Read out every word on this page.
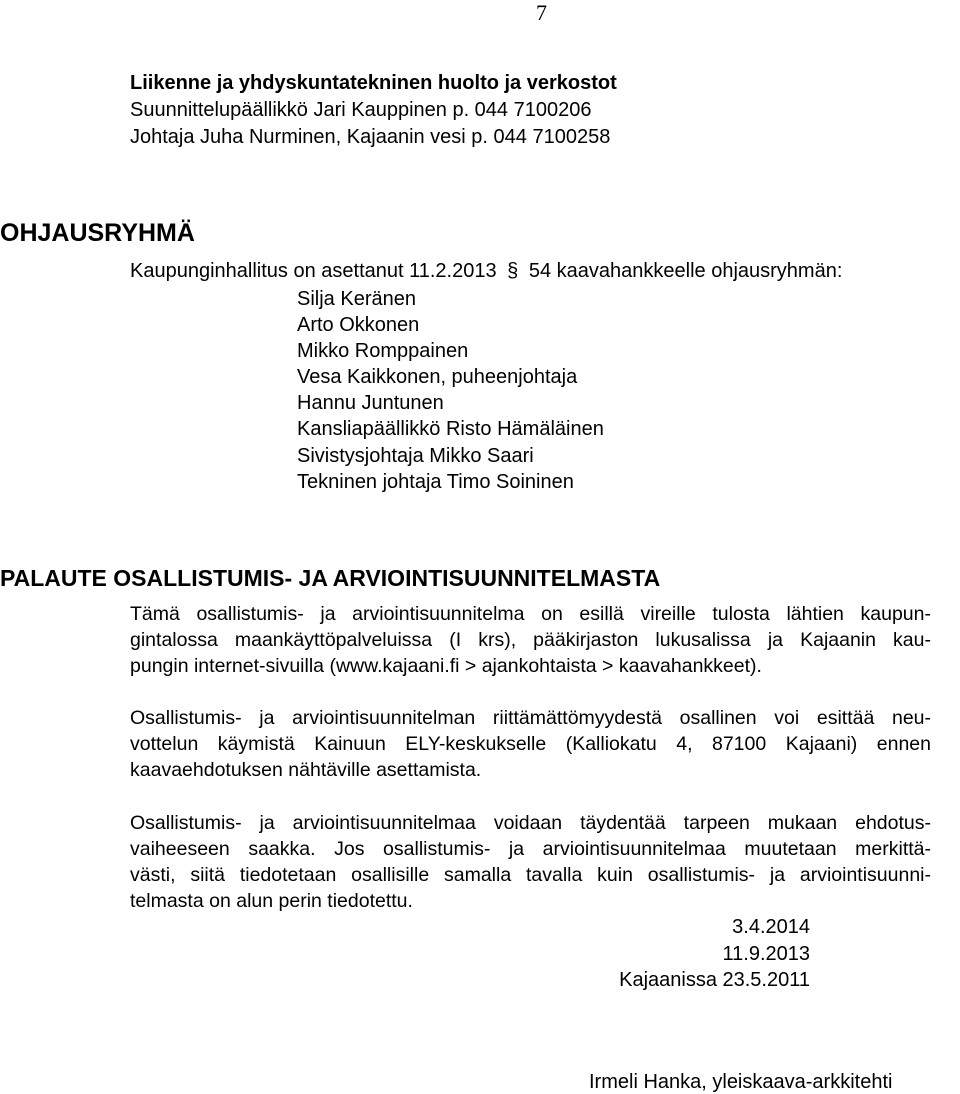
7
Liikenne ja yhdyskuntatekninen huolto ja verkostot
Suunnittelupäällikkö Jari Kauppinen p. 044 7100206
Johtaja Juha Nurminen, Kajaanin vesi p. 044 7100258
OHJAUSRYHMÄ
Kaupunginhallitus on asettanut 11.2.2013 § 54 kaavahankkeelle ohjausryhmän:
Silja Keränen
Arto Okkonen
Mikko Romppainen
Vesa Kaikkonen, puheenjohtaja
Hannu Juntunen
Kansliapäällikkö Risto Hämäläinen
Sivistysjohtaja Mikko Saari
Tekninen johtaja Timo Soininen
PALAUTE OSALLISTUMIS- JA ARVIOINTISUUNNITELMASTA

Tämä osallistumis- ja arviointisuunnitelma on esillä vireille tulosta lähtien kaupun-
gintalossa maankäyttöpalveluissa (I krs), pääkirjaston lukusalissa ja Kajaanin kau-
pungin internet-sivuilla (www.kajaani.fi > ajankohtaista > kaavahankkeet).

Osallistumis- ja arviointisuunnitelman riittämättömyydestä osallinen voi esittää neu-
vottelun käymistä Kainuun ELY-keskukselle (Kalliokatu 4, 87100 Kajaani) ennen
kaavaehdotuksen nähtäville asettamista.

Osallistumis- ja arviointisuunnitelmaa voidaan täydentää tarpeen mukaan ehdotus-
vaiheeseen saakka. Jos osallistumis- ja arviointisuunnitelmaa muutetaan merkittä-
västi, siitä tiedotetaan osallisille samalla tavalla kuin osallistumis- ja arviointisuunni-
telmasta on alun perin tiedotettu.

3.4.2014
11.9.2013
Kajaanissa 23.5.2011
Irmeli Hanka, yleiskaava-arkkitehti
